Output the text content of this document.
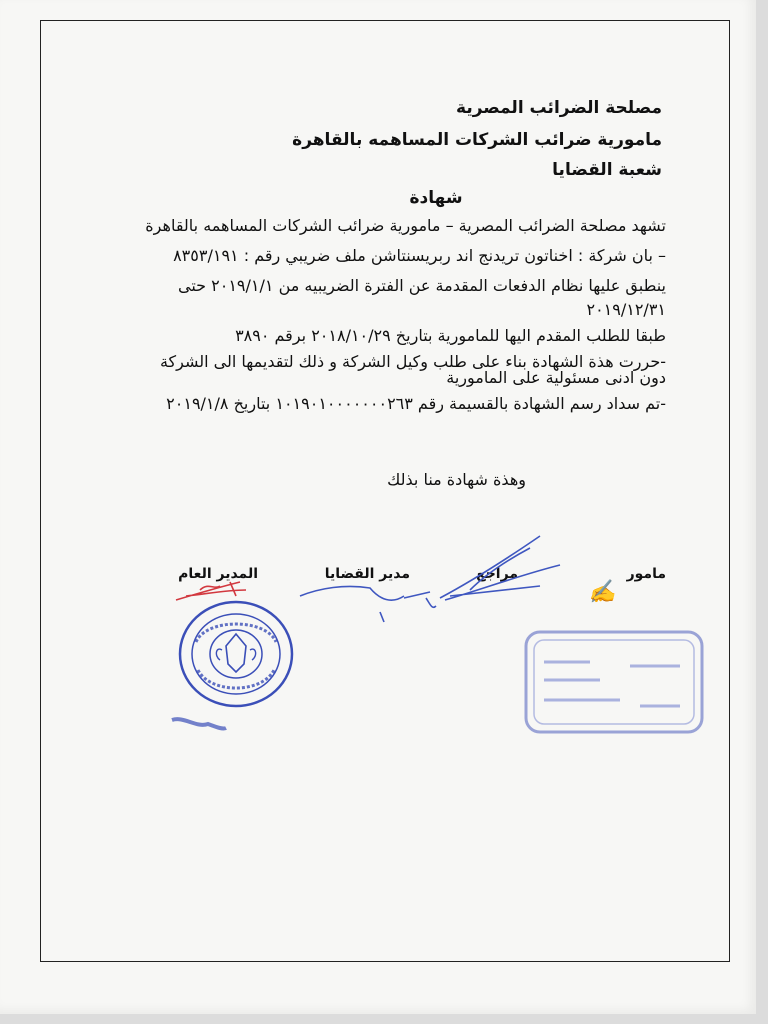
مصلحة الضرائب المصرية
مامورية ضرائب الشركات المساهمه بالقاهرة
شعبة القضايا
شهادة
تشهد مصلحة الضرائب المصرية – مامورية ضرائب الشركات المساهمه بالقاهرة
– بان شركة : اخناتون تريدنج اند ربريسنتاشن ملف ضريبي رقم : ٨٣٥٣/١٩١
ينطبق عليها نظام الدفعات المقدمة عن الفترة الضريبيه من ٢٠١٩/١/١ حتى
٢٠١٩/١٢/٣١
طبقا للطلب المقدم اليها للمامورية بتاريخ ٢٠١٨/١٠/٢٩ برقم ٣٨٩٠
-حررت هذة الشهادة بناء على طلب وكيل الشركة و ذلك لتقديمها الى الشركة
دون ادنى مسئولية على المامورية
-تم سداد رسم الشهادة بالقسيمة رقم ١٠١٩٠١٠٠٠٠٠٠٠٢٦٣ بتاريخ ٢٠١٩/١/٨
وهذة شهادة منا بذلك
مامور
مراجع
مدير القضايا
المدير العام
✍
